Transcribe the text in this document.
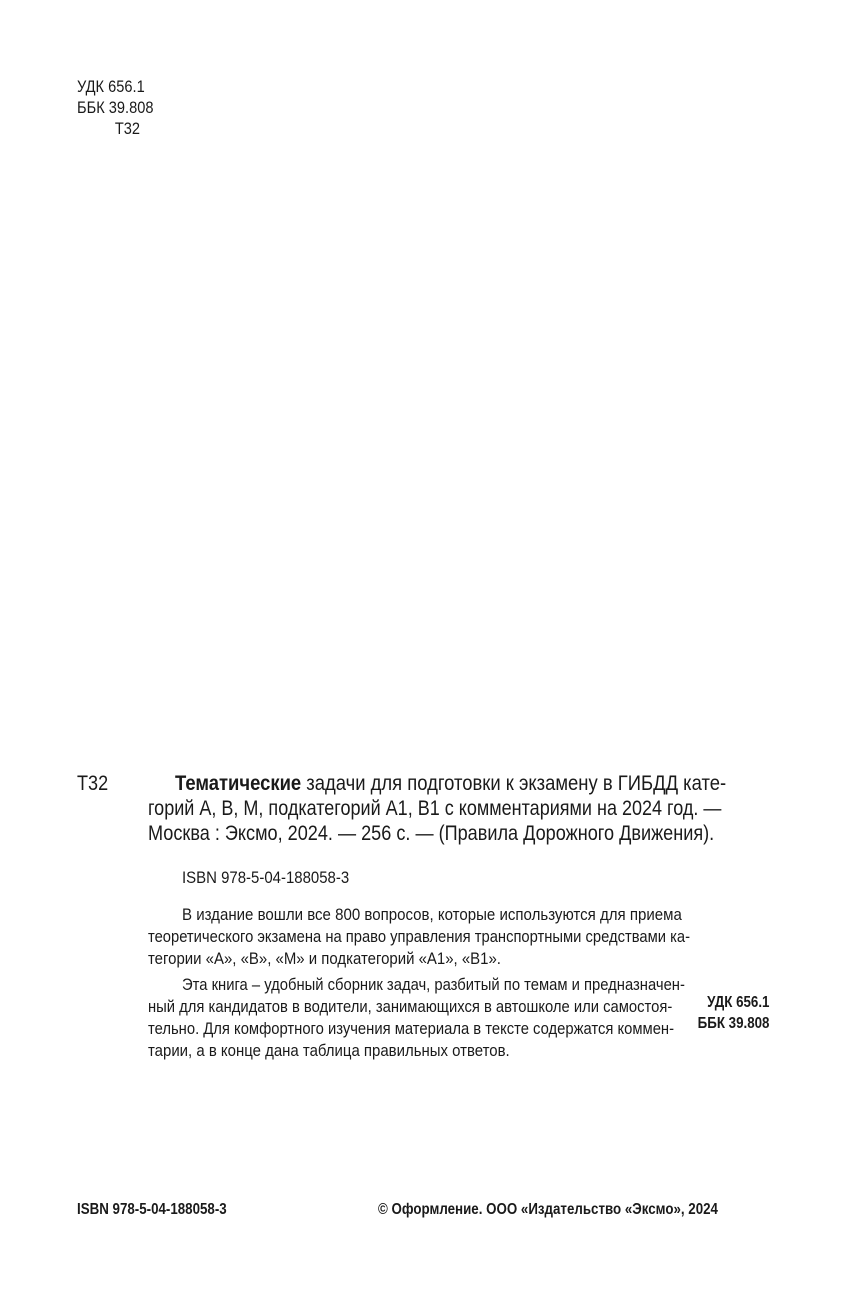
УДК 656.1
ББК 39.808
Т32
Т32	Тематические задачи для подготовки к экзамену в ГИБДД кате-
горий А, В, М, подкатегорий А1, В1 с комментариями на 2024 год. —
Москва : Эксмо, 2024. — 256 с. — (Правила Дорожного Движения).
ISBN 978-5-04-188058-3
В издание вошли все 800 вопросов, которые используются для приема
теоретического экзамена на право управления транспортными средствами ка-
тегории «А», «B», «M» и подкатегорий «А1», «B1».
Эта книга – удобный сборник задач, разбитый по темам и предназначен-
ный для кандидатов в водители, занимающихся в автошколе или самостоя-
тельно. Для комфортного изучения материала в тексте содержатся коммен-
тарии, а в конце дана таблица правильных ответов.
УДК 656.1
ББК 39.808
ISBN 978-5-04-188058-3	© Оформление. ООО «Издательство «Эксмо», 2024
